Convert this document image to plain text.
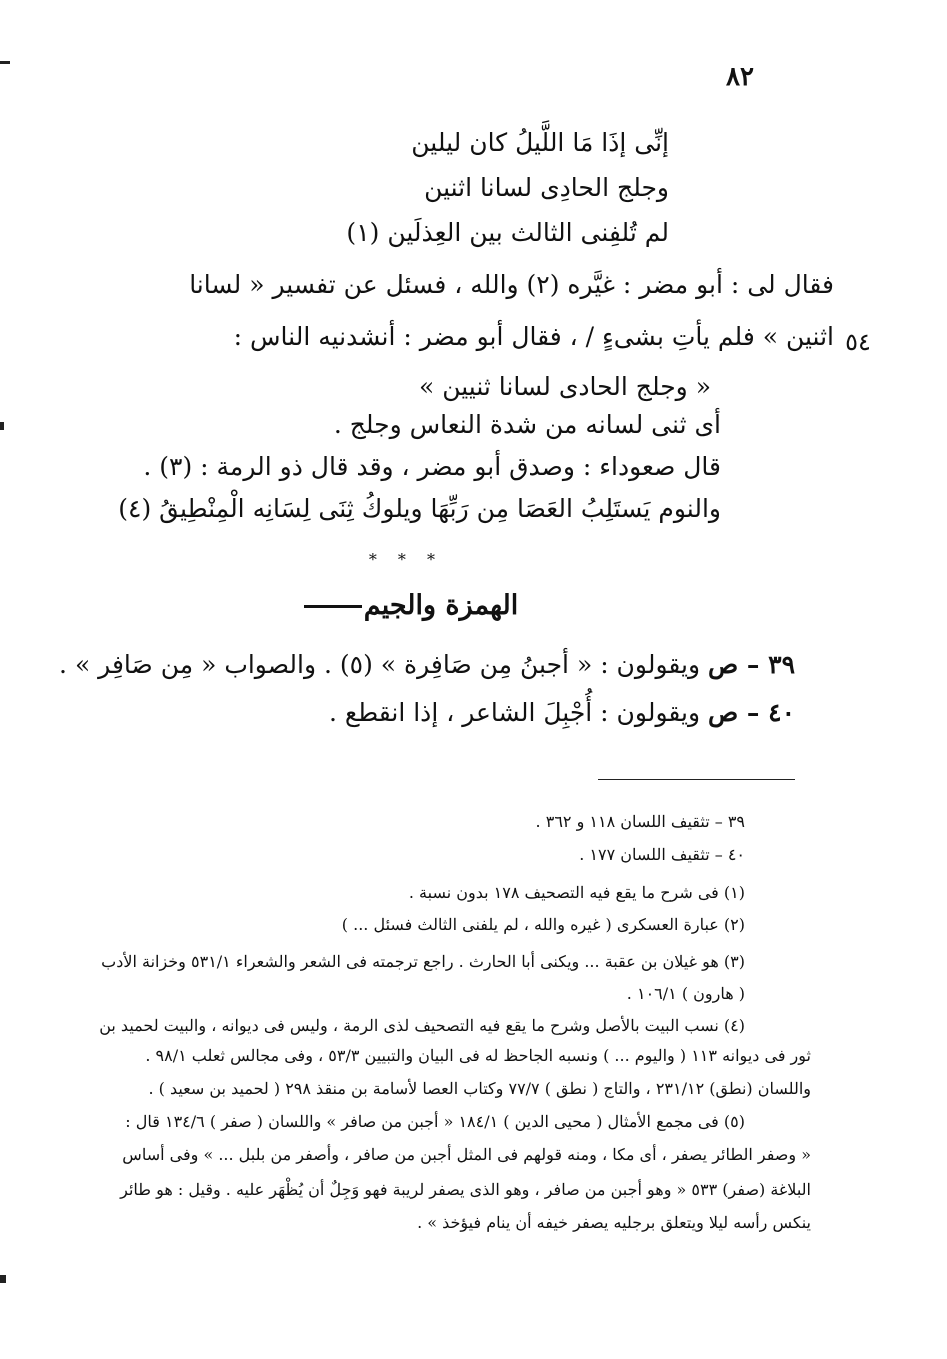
٨٢
إنِّى إذَا مَا اللَّيلُ كان ليلين
وجلج الحادِى لسانا اثنين
لم تُلفِنى الثالث بين العِذلَين (١)
فقال لى : أبو مضر : غيَّره (٢) والله ، فسئل عن تفسير « لسانا
اثنين » فلم يأتِ بشىءٍ / ، فقال أبو مضر : أنشدنيه الناس : ٥٤
« وجلج الحادى لسانا ثنيين »
أى ثنى لسانه من شدة النعاس وجلج .
قال صعوداء : وصدق أبو مضر ، وقد قال ذو الرمة : (٣) .
والنوم يَستَلِبُ العَصَا مِن رَبِّهَا ويلوكُ ثِنَى لِسَانِه الْمِنْطِيقُ (٤)
* * *
الهمزة والجيم
٣٩ – ص ويقولون : « أجبنُ مِن صَافِرة » (٥) . والصواب « مِن صَافِر » .
٤٠ – ص ويقولون : أُجْبِلَ الشاعر ، إذا انقطع .
٣٩ – تثقيف اللسان ١١٨ و ٣٦٢ .
٤٠ – تثقيف اللسان ١٧٧ .
(١) فى شرح ما يقع فيه التصحيف ١٧٨ بدون نسبة .
(٢) عبارة العسكرى ( غيره والله ، لم يلفنى الثالث فسئل ... )
(٣) هو غيلان بن عقبة ... ويكنى أبا الحارث . راجع ترجمته فى الشعر والشعراء ٥٣١/١ وخزانة الأدب
( هارون ) ١٠٦/١ .
(٤) نسب البيت بالأصل وشرح ما يقع فيه التصحيف لذى الرمة ، وليس فى ديوانه ، والبيت لحميد بن
ثور فى ديوانه ١١٣ ( واليوم ... ) ونسبه الجاحظ له فى البيان والتبيين ٥٣/٣ ، وفى مجالس ثعلب ٩٨/١ .
واللسان (نطق) ٢٣١/١٢ ، والتاج ( نطق ) ٧٧/٧ وكتاب العصا لأسامة بن منقذ ٢٩٨ ( لحميد بن سعيد ) .
(٥) فى مجمع الأمثال ( محيى الدين ) ١٨٤/١ « أجبن من صافر » واللسان ( صفر ) ١٣٤/٦ قال :
« وصفر الطائر يصفر ، أى مكا ، ومنه قولهم فى المثل أجبن من صافر ، وأصفر من بلبل ... » وفى أساس
البلاغة (صفر) ٥٣٣ « وهو أجبن من صافر ، وهو الذى يصفر لريبة فهو وَجِلٌ أن يُظْهَر عليه . وقيل : هو طائر
ينكس رأسه ليلا ويتعلق برجليه يصفر خيفه أن ينام فيؤخذ » .
